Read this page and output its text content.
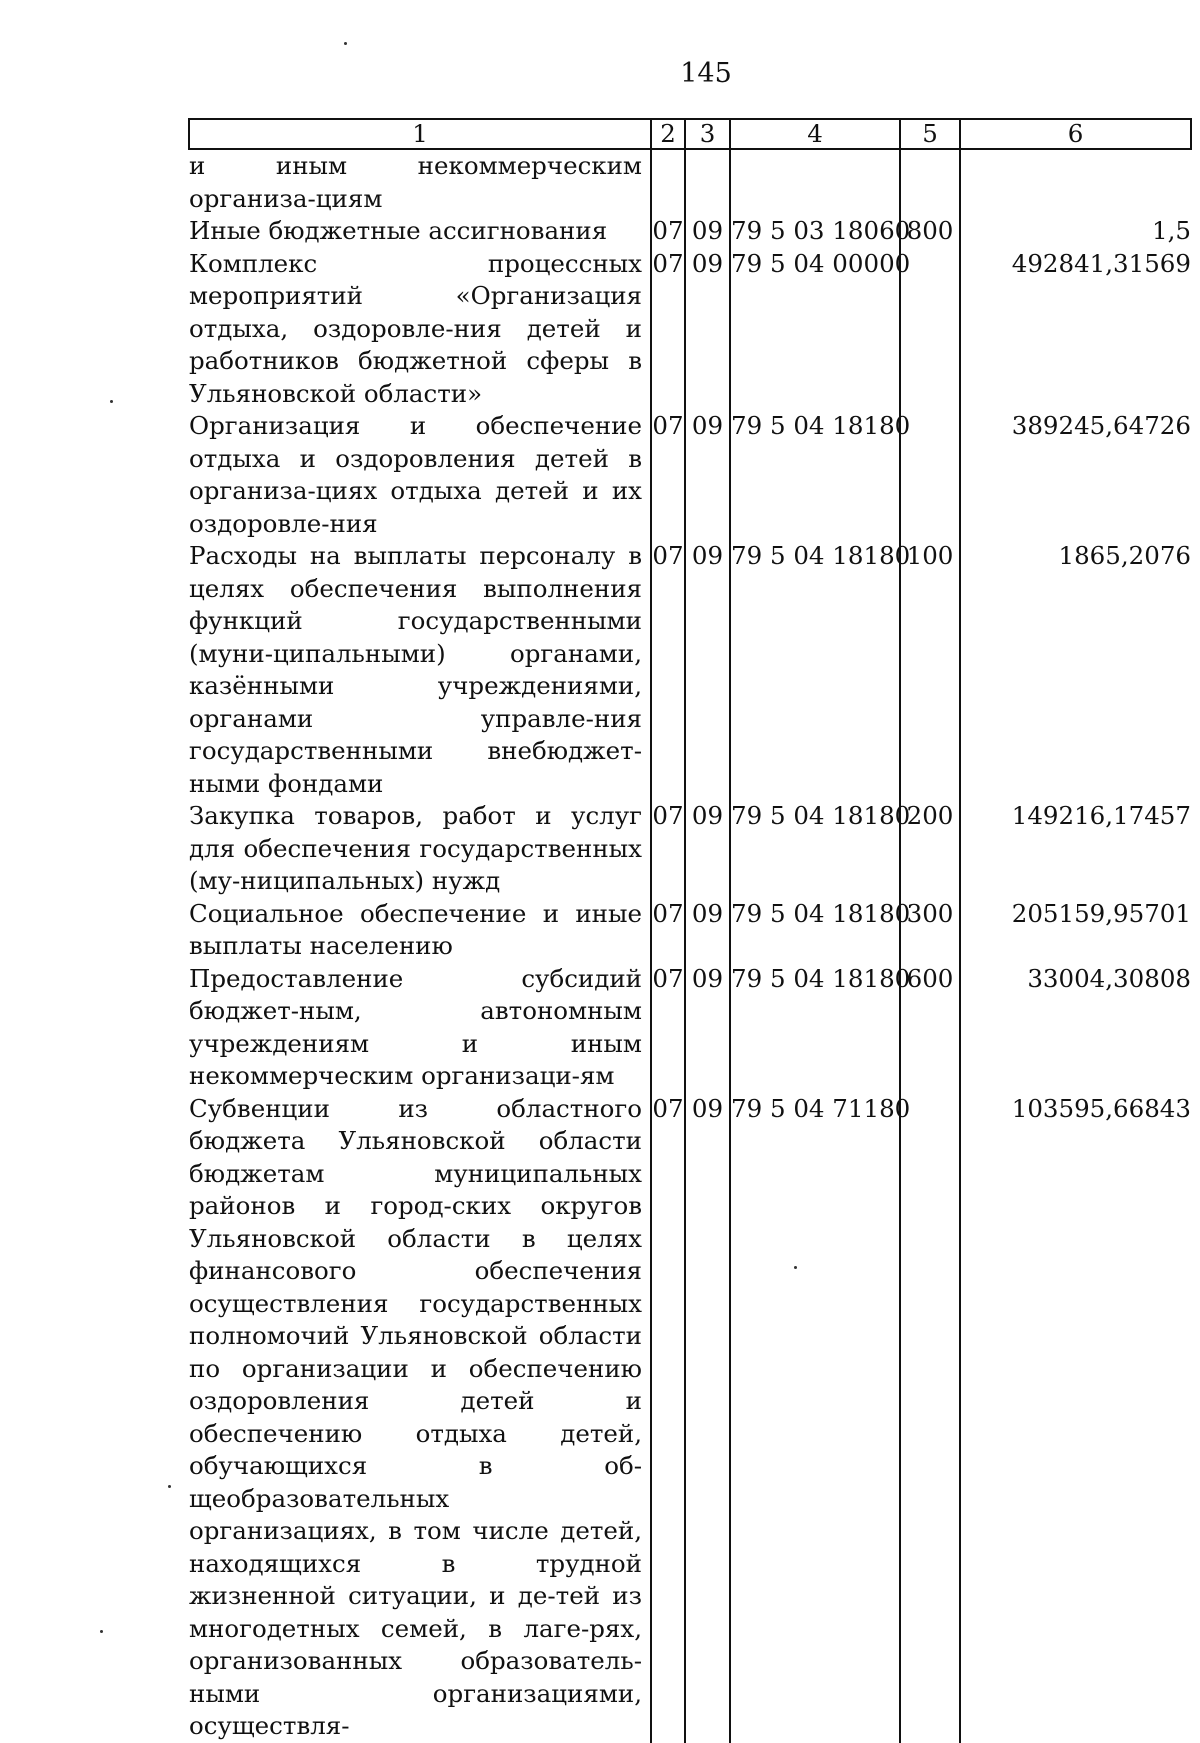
145
1	2	3	4	5	6
и иным некоммерческим организа-циям					
Иные бюджетные ассигнования	07	09	79 5 03 18060	800	1,5
Комплекс процессных мероприятий «Организация отдыха, оздоровле-ния детей и работников бюджетной сферы в Ульяновской области»	07	09	79 5 04 00000		492841,31569
Организация и обеспечение отдыха и оздоровления детей в организа-циях отдыха детей и их оздоровле-ния	07	09	79 5 04 18180		389245,64726
Расходы на выплаты персоналу в целях обеспечения выполнения функций государственными (муни-ципальными) органами, казёнными учреждениями, органами управле-ния государственными внебюджет-ными фондами	07	09	79 5 04 18180	100	1865,2076
Закупка товаров, работ и услуг для обеспечения государственных (му-ниципальных) нужд	07	09	79 5 04 18180	200	149216,17457
Социальное обеспечение и иные выплаты населению	07	09	79 5 04 18180	300	205159,95701
Предоставление субсидий бюджет-ным, автономным учреждениям и иным некоммерческим организаци-ям	07	09	79 5 04 18180	600	33004,30808
Субвенции из областного бюджета Ульяновской области бюджетам муниципальных районов и город-ских округов Ульяновской области в целях финансового обеспечения осуществления государственных полномочий Ульяновской области по организации и обеспечению оздоровления детей и обеспечению отдыха детей, обучающихся в об-щеобразовательных организациях, в том числе детей, находящихся в трудной жизненной ситуации, и де-тей из многодетных семей, в лаге-рях, организованных образователь-ными организациями, осуществля-	07	09	79 5 04 71180		103595,66843
